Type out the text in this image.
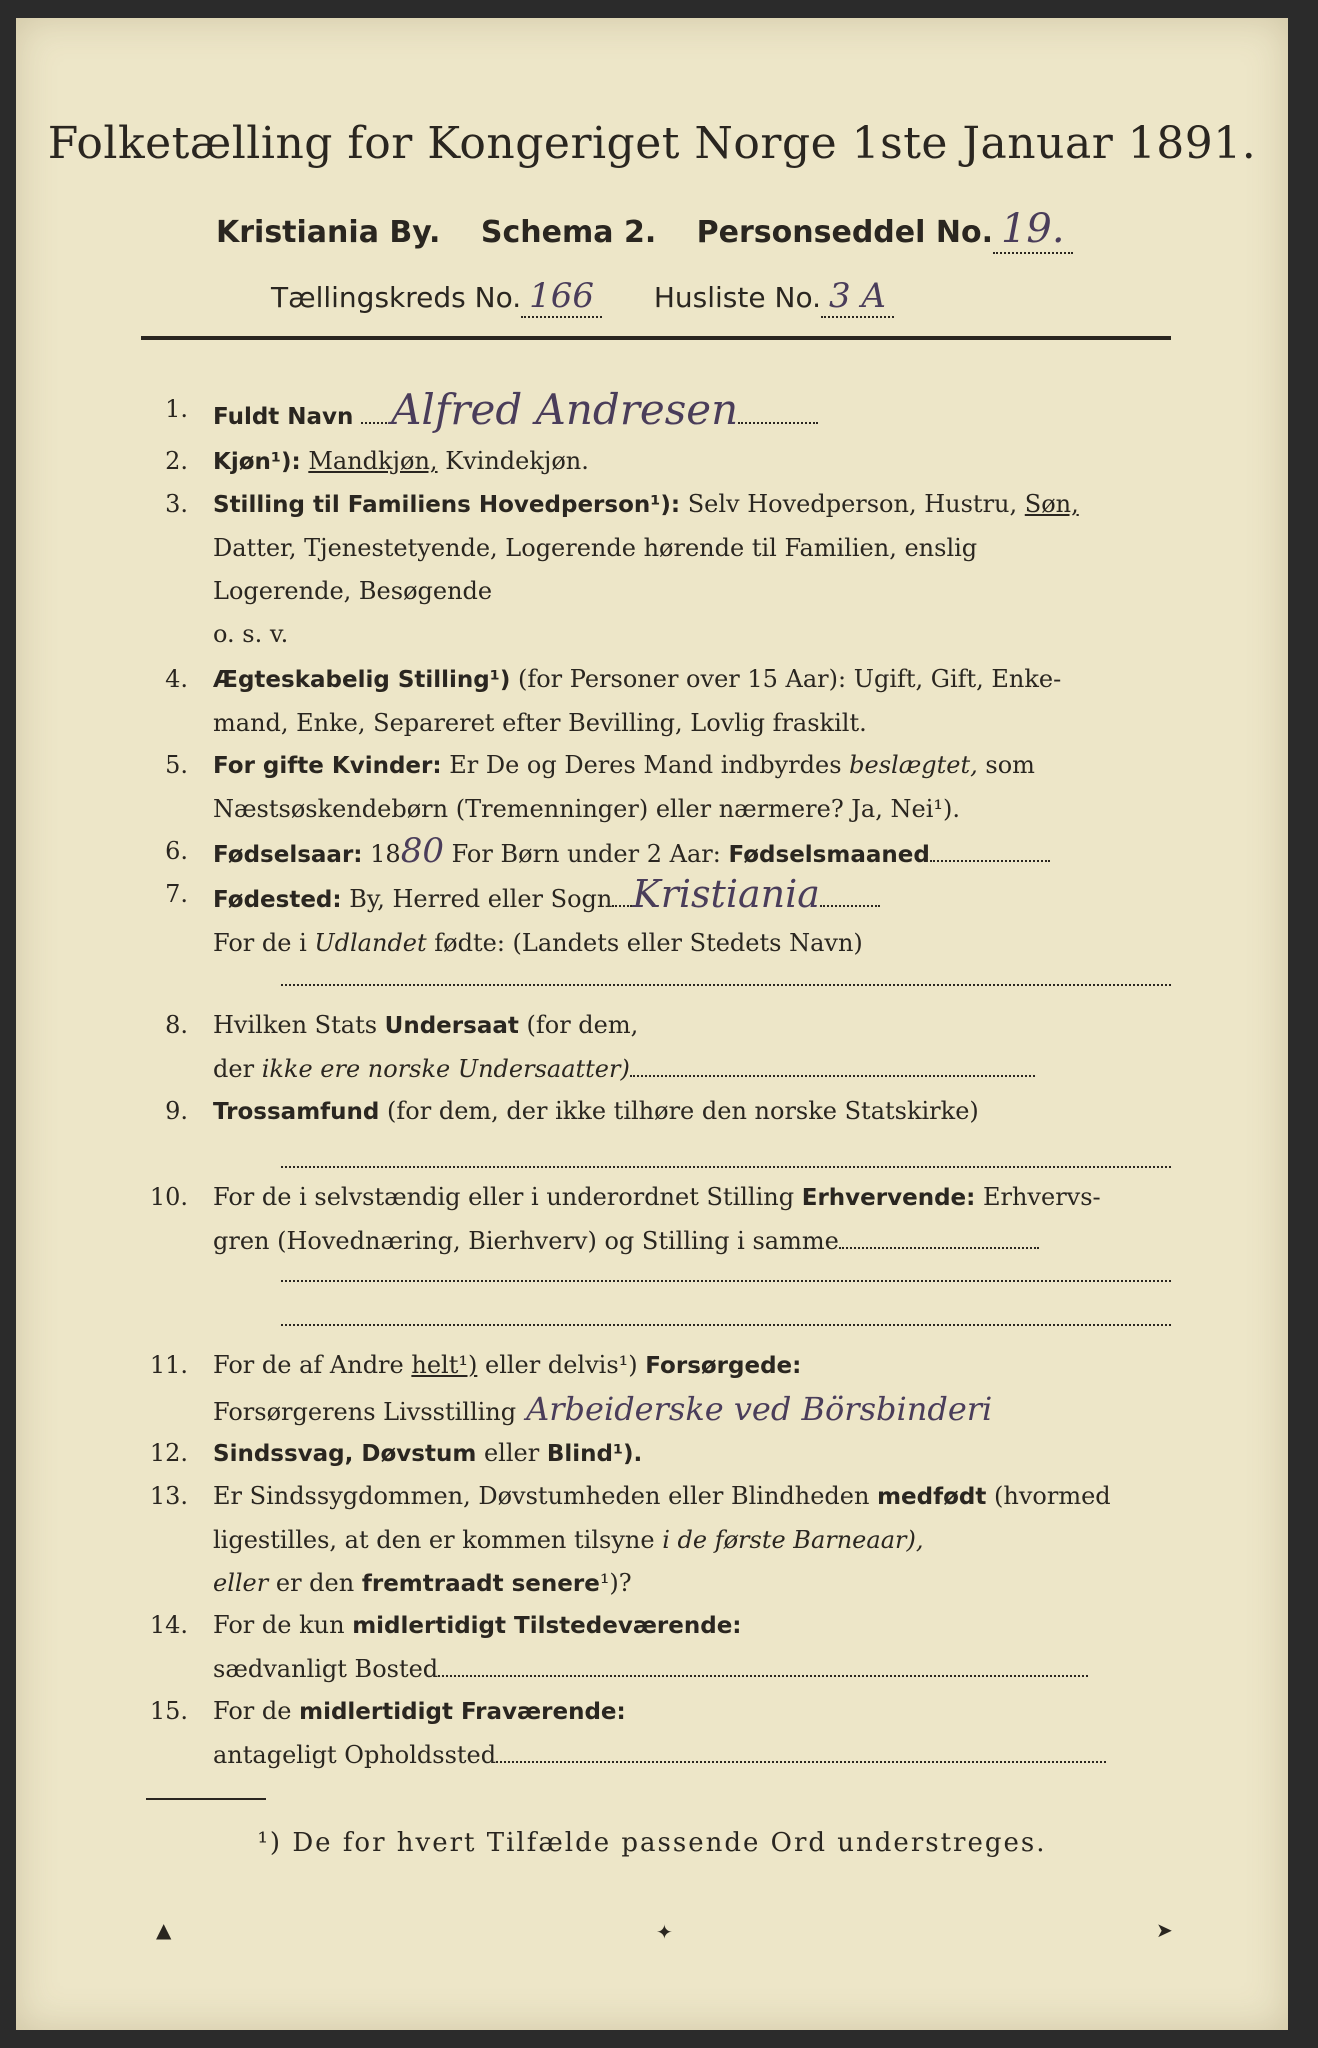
Folketælling for Kongeriget Norge 1ste Januar 1891.
Kristiania By. Schema 2. Personseddel No. 19.
Tællingskreds No. 166 Husliste No. 3 A
1. Fuldt Navn Alfred Andresen
2. Kjøn¹): Mandkjøn, Kvindekjøn.
3. Stilling til Familiens Hovedperson¹): Selv Hovedperson, Hustru, Søn,
Datter, Tjenestetyende, Logerende hørende til Familien, enslig
Logerende, Besøgende
o. s. v.
4. Ægteskabelig Stilling¹) (for Personer over 15 Aar): Ugift, Gift, Enke-
mand, Enke, Separeret efter Bevilling, Lovlig fraskilt.
5. For gifte Kvinder: Er De og Deres Mand indbyrdes beslægtet, som
Næstsøskendebørn (Tremenninger) eller nærmere? Ja, Nei¹).
6. Fødselsaar: 1880 For Børn under 2 Aar: Fødselsmaaned
7. Fødested: By, Herred eller Sogn Kristiania
For de i Udlandet fødte: (Landets eller Stedets Navn)
8. Hvilken Stats Undersaat (for dem,
der ikke ere norske Undersaatter)
9. Trossamfund (for dem, der ikke tilhøre den norske Statskirke)
10. For de i selvstændig eller i underordnet Stilling Erhvervende: Erhvervs-
gren (Hovednæring, Bierhverv) og Stilling i samme
11. For de af Andre helt¹) eller delvis¹) Forsørgede:
Forsørgerens Livsstilling Arbeiderske ved Börsbinderi
12. Sindssvag, Døvstum eller Blind¹).
13. Er Sindssygdommen, Døvstumheden eller Blindheden medfødt (hvormed
ligestilles, at den er kommen tilsyne i de første Barneaar),
eller er den fremtraadt senere¹)?
14. For de kun midlertidigt Tilstedeværende:
sædvanligt Bosted
15. For de midlertidigt Fraværende:
antageligt Opholdssted
¹) De for hvert Tilfælde passende Ord understreges.
▲	✦	➤
